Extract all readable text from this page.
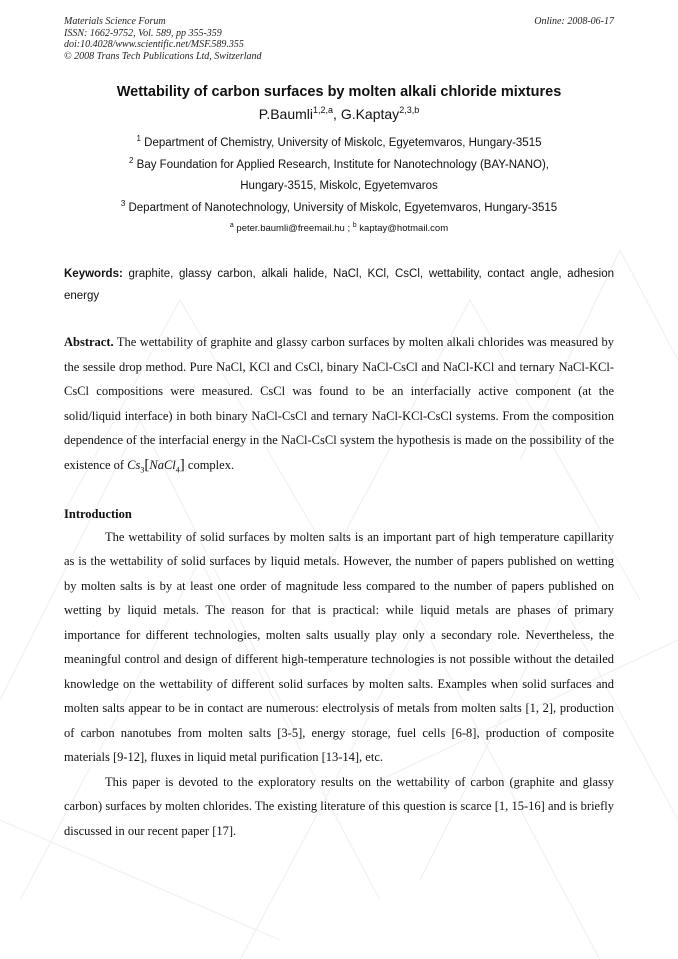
Materials Science Forum
ISSN: 1662-9752, Vol. 589, pp 355-359
doi:10.4028/www.scientific.net/MSF.589.355
© 2008 Trans Tech Publications Ltd, Switzerland
Online: 2008-06-17
Wettability of carbon surfaces by molten alkali chloride mixtures
P.Baumli$^{1,2,a}$, G.Kaptay$^{2,3,b}$
$^1$ Department of Chemistry, University of Miskolc, Egyetemvaros, Hungary-3515
$^2$ Bay Foundation for Applied Research, Institute for Nanotechnology (BAY-NANO),
Hungary-3515, Miskolc, Egyetemvaros
$^3$ Department of Nanotechnology, University of Miskolc, Egyetemvaros, Hungary-3515
$^a$ peter.baumli@freemail.hu ; $^b$ kaptay@hotmail.com
Keywords: graphite, glassy carbon, alkali halide, NaCl, KCl, CsCl, wettability, contact angle, adhesion energy
Abstract. The wettability of graphite and glassy carbon surfaces by molten alkali chlorides was measured by the sessile drop method. Pure NaCl, KCl and CsCl, binary NaCl-CsCl and NaCl-KCl and ternary NaCl-KCl-CsCl compositions were measured. CsCl was found to be an interfacially active component (at the solid/liquid interface) in both binary NaCl-CsCl and ternary NaCl-KCl-CsCl systems. From the composition dependence of the interfacial energy in the NaCl-CsCl system the hypothesis is made on the possibility of the existence of $Cs_3[NaCl_4]$ complex.
Introduction

The wettability of solid surfaces by molten salts is an important part of high temperature capillarity as is the wettability of solid surfaces by liquid metals. However, the number of papers published on wetting by molten salts is by at least one order of magnitude less compared to the number of papers published on wetting by liquid metals. The reason for that is practical: while liquid metals are phases of primary importance for different technologies, molten salts usually play only a secondary role. Nevertheless, the meaningful control and design of different high-temperature technologies is not possible without the detailed knowledge on the wettability of different solid surfaces by molten salts. Examples when solid surfaces and molten salts appear to be in contact are numerous: electrolysis of metals from molten salts [1, 2], production of carbon nanotubes from molten salts [3-5], energy storage, fuel cells [6-8], production of composite materials [9-12], fluxes in liquid metal purification [13-14], etc.

This paper is devoted to the exploratory results on the wettability of carbon (graphite and glassy carbon) surfaces by molten chlorides. The existing literature of this question is scarce [1, 15-16] and is briefly discussed in our recent paper [17].
